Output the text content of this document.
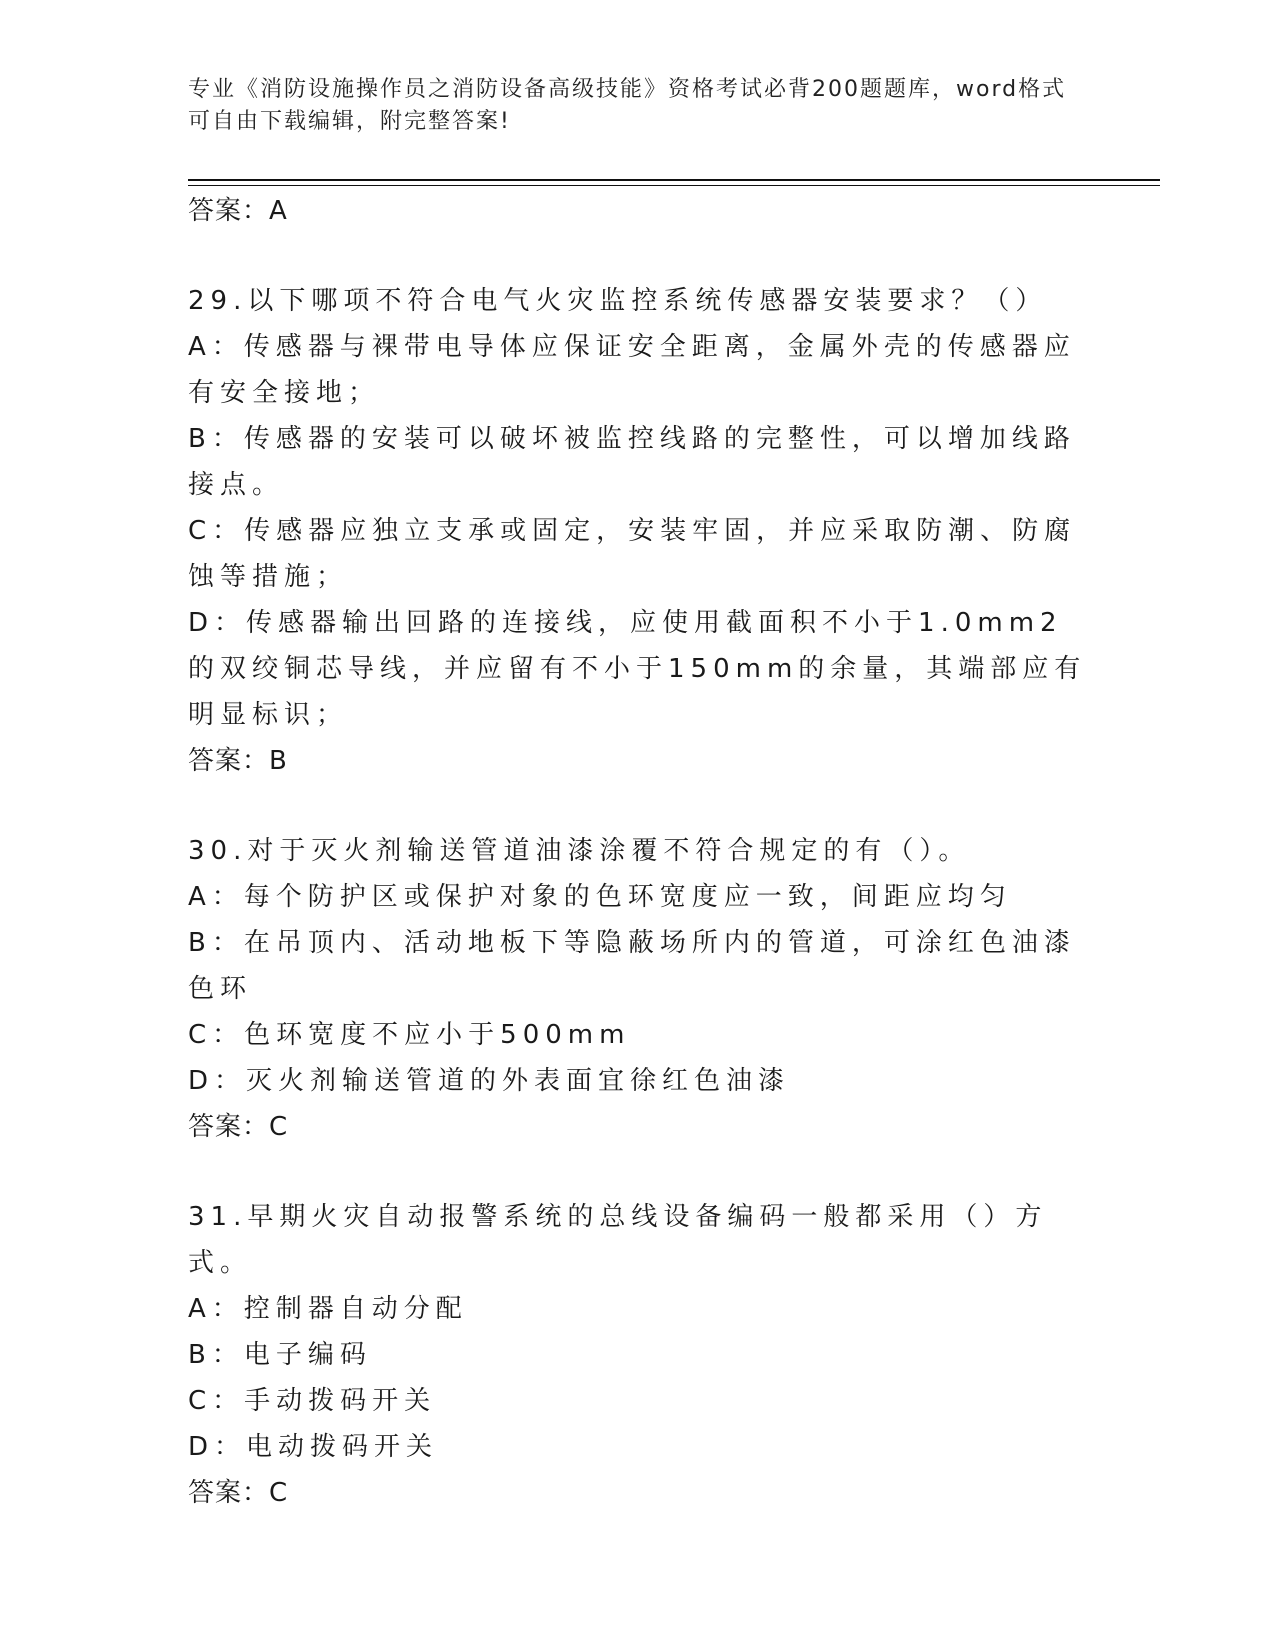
专业《消防设施操作员之消防设备高级技能》资格考试必背200题题库，word格式可自由下载编辑，附完整答案!
答案：A
29.以下哪项不符合电气火灾监控系统传感器安装要求？（）
A：传感器与裸带电导体应保证安全距离，金属外壳的传感器应有安全接地；
B：传感器的安装可以破坏被监控线路的完整性，可以增加线路接点。
C：传感器应独立支承或固定，安装牢固，并应采取防潮、防腐蚀等措施；
D：传感器输出回路的连接线，应使用截面积不小于1.0mm2的双绞铜芯导线，并应留有不小于150mm的余量，其端部应有明显标识；
答案：B
30.对于灭火剂输送管道油漆涂覆不符合规定的有（）。
A：每个防护区或保护对象的色环宽度应一致，间距应均匀
B：在吊顶内、活动地板下等隐蔽场所内的管道，可涂红色油漆色环
C：色环宽度不应小于500mm
D：灭火剂输送管道的外表面宜徐红色油漆
答案：C
31.早期火灾自动报警系统的总线设备编码一般都采用（）方式。
A：控制器自动分配
B：电子编码
C：手动拨码开关
D：电动拨码开关
答案：C
